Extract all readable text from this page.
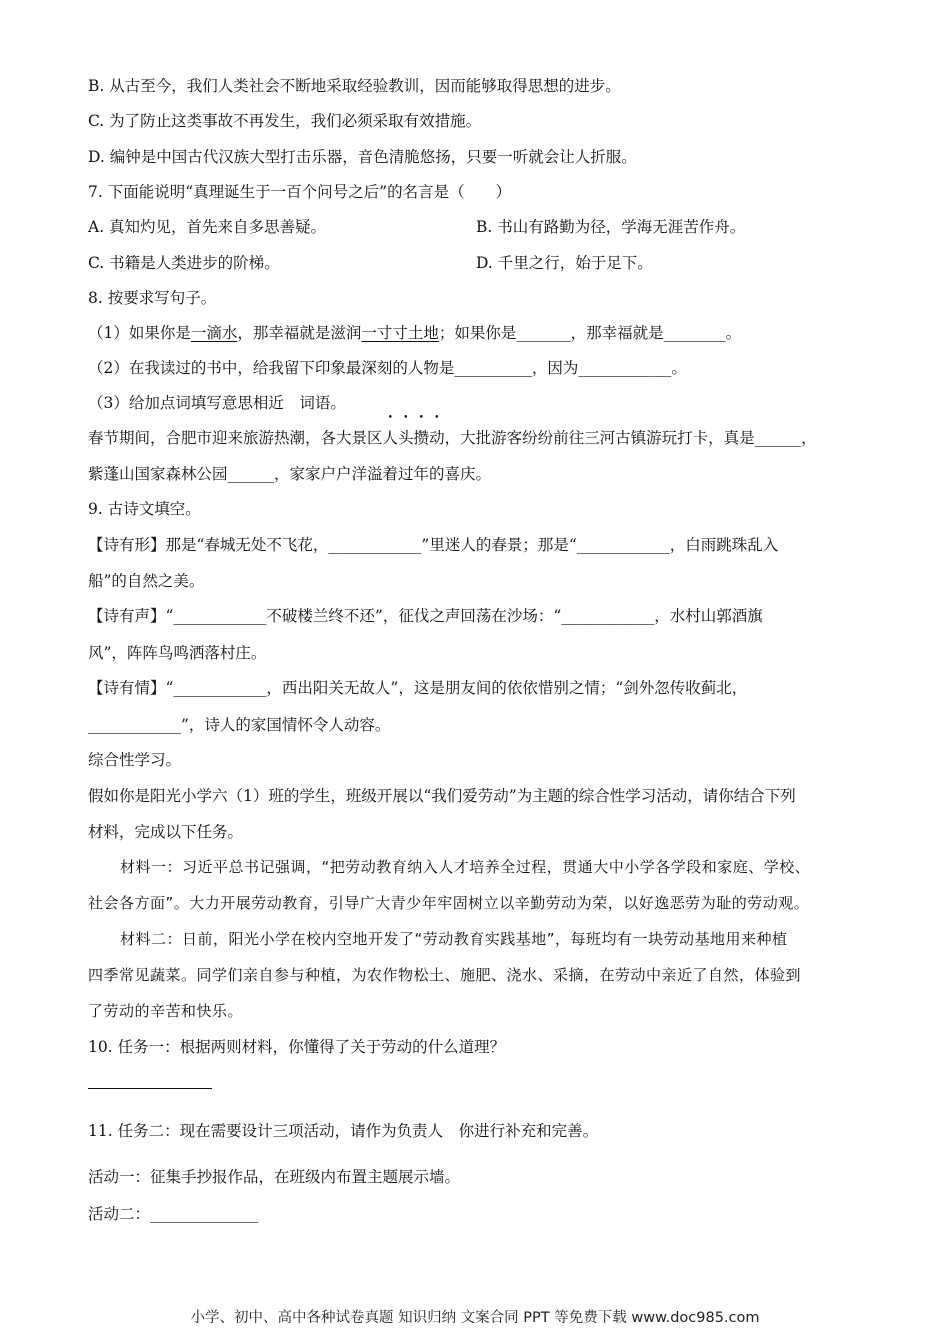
B. 从古至今，我们人类社会不断地采取经验教训，因而能够取得思想的进步。
C. 为了防止这类事故不再发生，我们必须采取有效措施。
D. 编钟是中国古代汉族大型打击乐器，音色清脆悠扬，只要一听就会让人折服。
7. 下面能说明“真理诞生于一百个问号之后”的名言是（　　）
A. 真知灼见，首先来自多思善疑。	B. 书山有路勤为径，学海无涯苦作舟。
C. 书籍是人类进步的阶梯。	D. 千里之行，始于足下。
8. 按要求写句子。
（1）如果你是一滴水，那幸福就是滋润一寸寸土地；如果你是_______，那幸福就是________。
（2）在我读过的书中，给我留下印象最深刻的人物是__________，因为____________。
（3）给加点词填写意思相近　词语。
春节期间，合肥市迎来旅游热潮，各大景区人头攒动，大批游客纷纷前往三河古镇游玩打卡，真是______，
紫蓬山国家森林公园______，家家户户洋溢着过年的喜庆。
9. 古诗文填空。
【诗有形】那是“春城无处不飞花，____________”里迷人的春景；那是“____________，白雨跳珠乱入
船”的自然之美。
【诗有声】“____________不破楼兰终不还”，征伐之声回荡在沙场：“____________，水村山郭酒旗
风”，阵阵鸟鸣洒落村庄。
【诗有情】“____________，西出阳关无故人”，这是朋友间的依依惜别之情；“剑外忽传收蓟北，
____________”，诗人的家国情怀令人动容。
综合性学习。
假如你是阳光小学六（1）班的学生，班级开展以“我们爱劳动”为主题的综合性学习活动，请你结合下列
材料，完成以下任务。
材料一：习近平总书记强调，“把劳动教育纳入人才培养全过程，贯通大中小学各学段和家庭、学校、
社会各方面”。大力开展劳动教育，引导广大青少年牢固树立以辛勤劳动为荣，以好逸恶劳为耻的劳动观。
材料二：日前，阳光小学在校内空地开发了“劳动教育实践基地”，每班均有一块劳动基地用来种植
四季常见蔬菜。同学们亲自参与种植，为农作物松土、施肥、浇水、采摘，在劳动中亲近了自然，体验到
了劳动的辛苦和快乐。
10. 任务一：根据两则材料，你懂得了关于劳动的什么道理？
11. 任务二：现在需要设计三项活动，请作为负责人　你进行补充和完善。
活动一：征集手抄报作品，在班级内布置主题展示墙。
活动二：______________
小学、初中、高中各种试卷真题 知识归纳 文案合同 PPT 等免费下载 www.doc985.com
